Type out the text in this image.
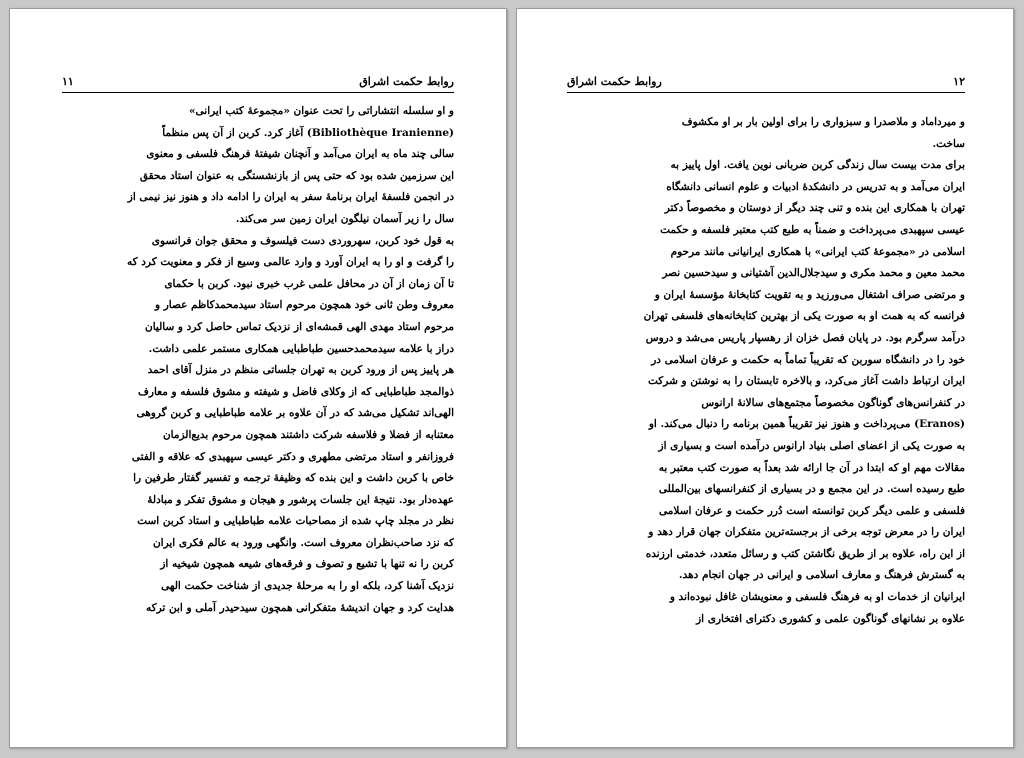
روابط حکمت اشراق
۱۱
و او سلسله انتشاراتی را تحت عنوان «مجموعهٔ کتب ایرانی»
(Bibliothèque Iranienne) آغاز کرد. کربن از آن پس منظماً
سالی چند ماه به ایران می‌آمد و آنچنان شیفتهٔ فرهنگ فلسفی و معنوی
این سرزمین شده بود که حتی پس از بازنشستگی به عنوان استاد محقق
در انجمن فلسفهٔ ایران برنامهٔ سفر به ایران را ادامه داد و هنوز نیز نیمی از
سال را زیر آسمان نیلگون ایران زمین سر می‌کند.
به قول خود کربن، سهروردی دست فیلسوف و محقق جوان فرانسوی
را گرفت و او را به ایران آورد و وارد عالمی وسیع از فکر و معنویت کرد که
تا آن زمان از آن در محافل علمی غرب خبری نبود. کربن با حکمای
معروف وطن ثانی خود همچون مرحوم استاد سیدمحمدکاظم عصار و
مرحوم استاد مهدی الهی قمشه‌ای از نزدیک تماس حاصل کرد و سالیان
دراز با علامه سیدمحمدحسین طباطبایی همکاری مستمر علمی داشت.
هر پاییز پس از ورود کربن به تهران جلساتی منظم در منزل آقای احمد
ذوالمجد طباطبایی که از وکلای فاضل و شیفته و مشوق فلسفه و معارف
الهی‌اند تشکیل می‌شد که در آن علاوه بر علامه طباطبایی و کربن گروهی
معتنابه از فضلا و فلاسفه شرکت داشتند همچون مرحوم بدیع‌الزمان
فروزانفر و استاد مرتضی مطهری و دکتر عیسی سپهبدی که علاقه و الفتی
خاص با کربن داشت و این بنده که وظیفهٔ ترجمه و تفسیر گفتار طرفین را
عهده‌دار بود. نتیجهٔ این جلسات پرشور و هیجان و مشوق تفکر و مبادلهٔ
نظر در مجلد چاپ شده از مصاحبات علامه طباطبایی و استاد کربن است
که نزد صاحب‌نظران معروف است. وانگهی ورود به عالم فکری ایران
کربن را نه تنها با تشیع و تصوف و فرقه‌های شیعه همچون شیخیه از
نزدیک آشنا کرد، بلکه او را به مرحلهٔ جدیدی از شناخت حکمت الهی
هدایت کرد و جهان اندیشهٔ متفکرانی همچون سیدحیدر آملی و ابن ترکه
روابط حکمت اشراق	۱۲
و میرداماد و ملاصدرا و سبزواری را برای اولین بار بر او مکشوف
ساخت.
برای مدت بیست سال زندگی کربن ضربانی نوین یافت. اول پاییز به
ایران می‌آمد و به تدریس در دانشکدهٔ ادبیات و علوم انسانی دانشگاه
تهران با همکاری این بنده و تنی چند دیگر از دوستان و مخصوصاً دکتر
عیسی سپهبدی می‌پرداخت و ضمناً به طبع کتب معتبر فلسفه و حکمت
اسلامی در «مجموعهٔ کتب ایرانی» با همکاری ایرانیانی مانند مرحوم
محمد معین و محمد مکری و سیدجلال‌الدین آشتیانی و سیدحسین نصر
و مرتضی صراف اشتغال می‌ورزید و به تقویت کتابخانهٔ مؤسسهٔ ایران و
فرانسه که به همت او به صورت یکی از بهترین کتابخانه‌های فلسفی تهران
درآمد سرگرم بود. در پایان فصل خزان از رهسپار پاریس می‌شد و دروس
خود را در دانشگاه سوربن که تقریباً تماماً به حکمت و عرفان اسلامی در
ایران ارتباط داشت آغاز می‌کرد، و بالاخره تابستان را به نوشتن و شرکت
در کنفرانس‌های گوناگون مخصوصاً مجتمع‌های سالانهٔ ارانوس
(Eranos) می‌پرداخت و هنوز نیز تقریباً همین برنامه را دنبال می‌کند. او
به صورت یکی از اعضای اصلی بنیاد ارانوس درآمده است و بسیاری از
مقالات مهم او که ابتدا در آن جا ارائه شد بعداً به صورت کتب معتبر به
طبع رسیده است. در این مجمع و در بسیاری از کنفرانسهای بین‌المللی
فلسفی و علمی دیگر کربن توانسته است دُرر حکمت و عرفان اسلامی
ایران را در معرض توجه برخی از برجسته‌ترین متفکران جهان قرار دهد و
از این راه، علاوه بر از طریق نگاشتن کتب و رسائل متعدد، خدمتی ارزنده
به گسترش فرهنگ و معارف اسلامی و ایرانی در جهان انجام دهد.
ایرانیان از خدمات او به فرهنگ فلسفی و معنویشان غافل نبوده‌اند و
علاوه بر نشانهای گوناگون علمی و کشوری دکترای افتخاری از
